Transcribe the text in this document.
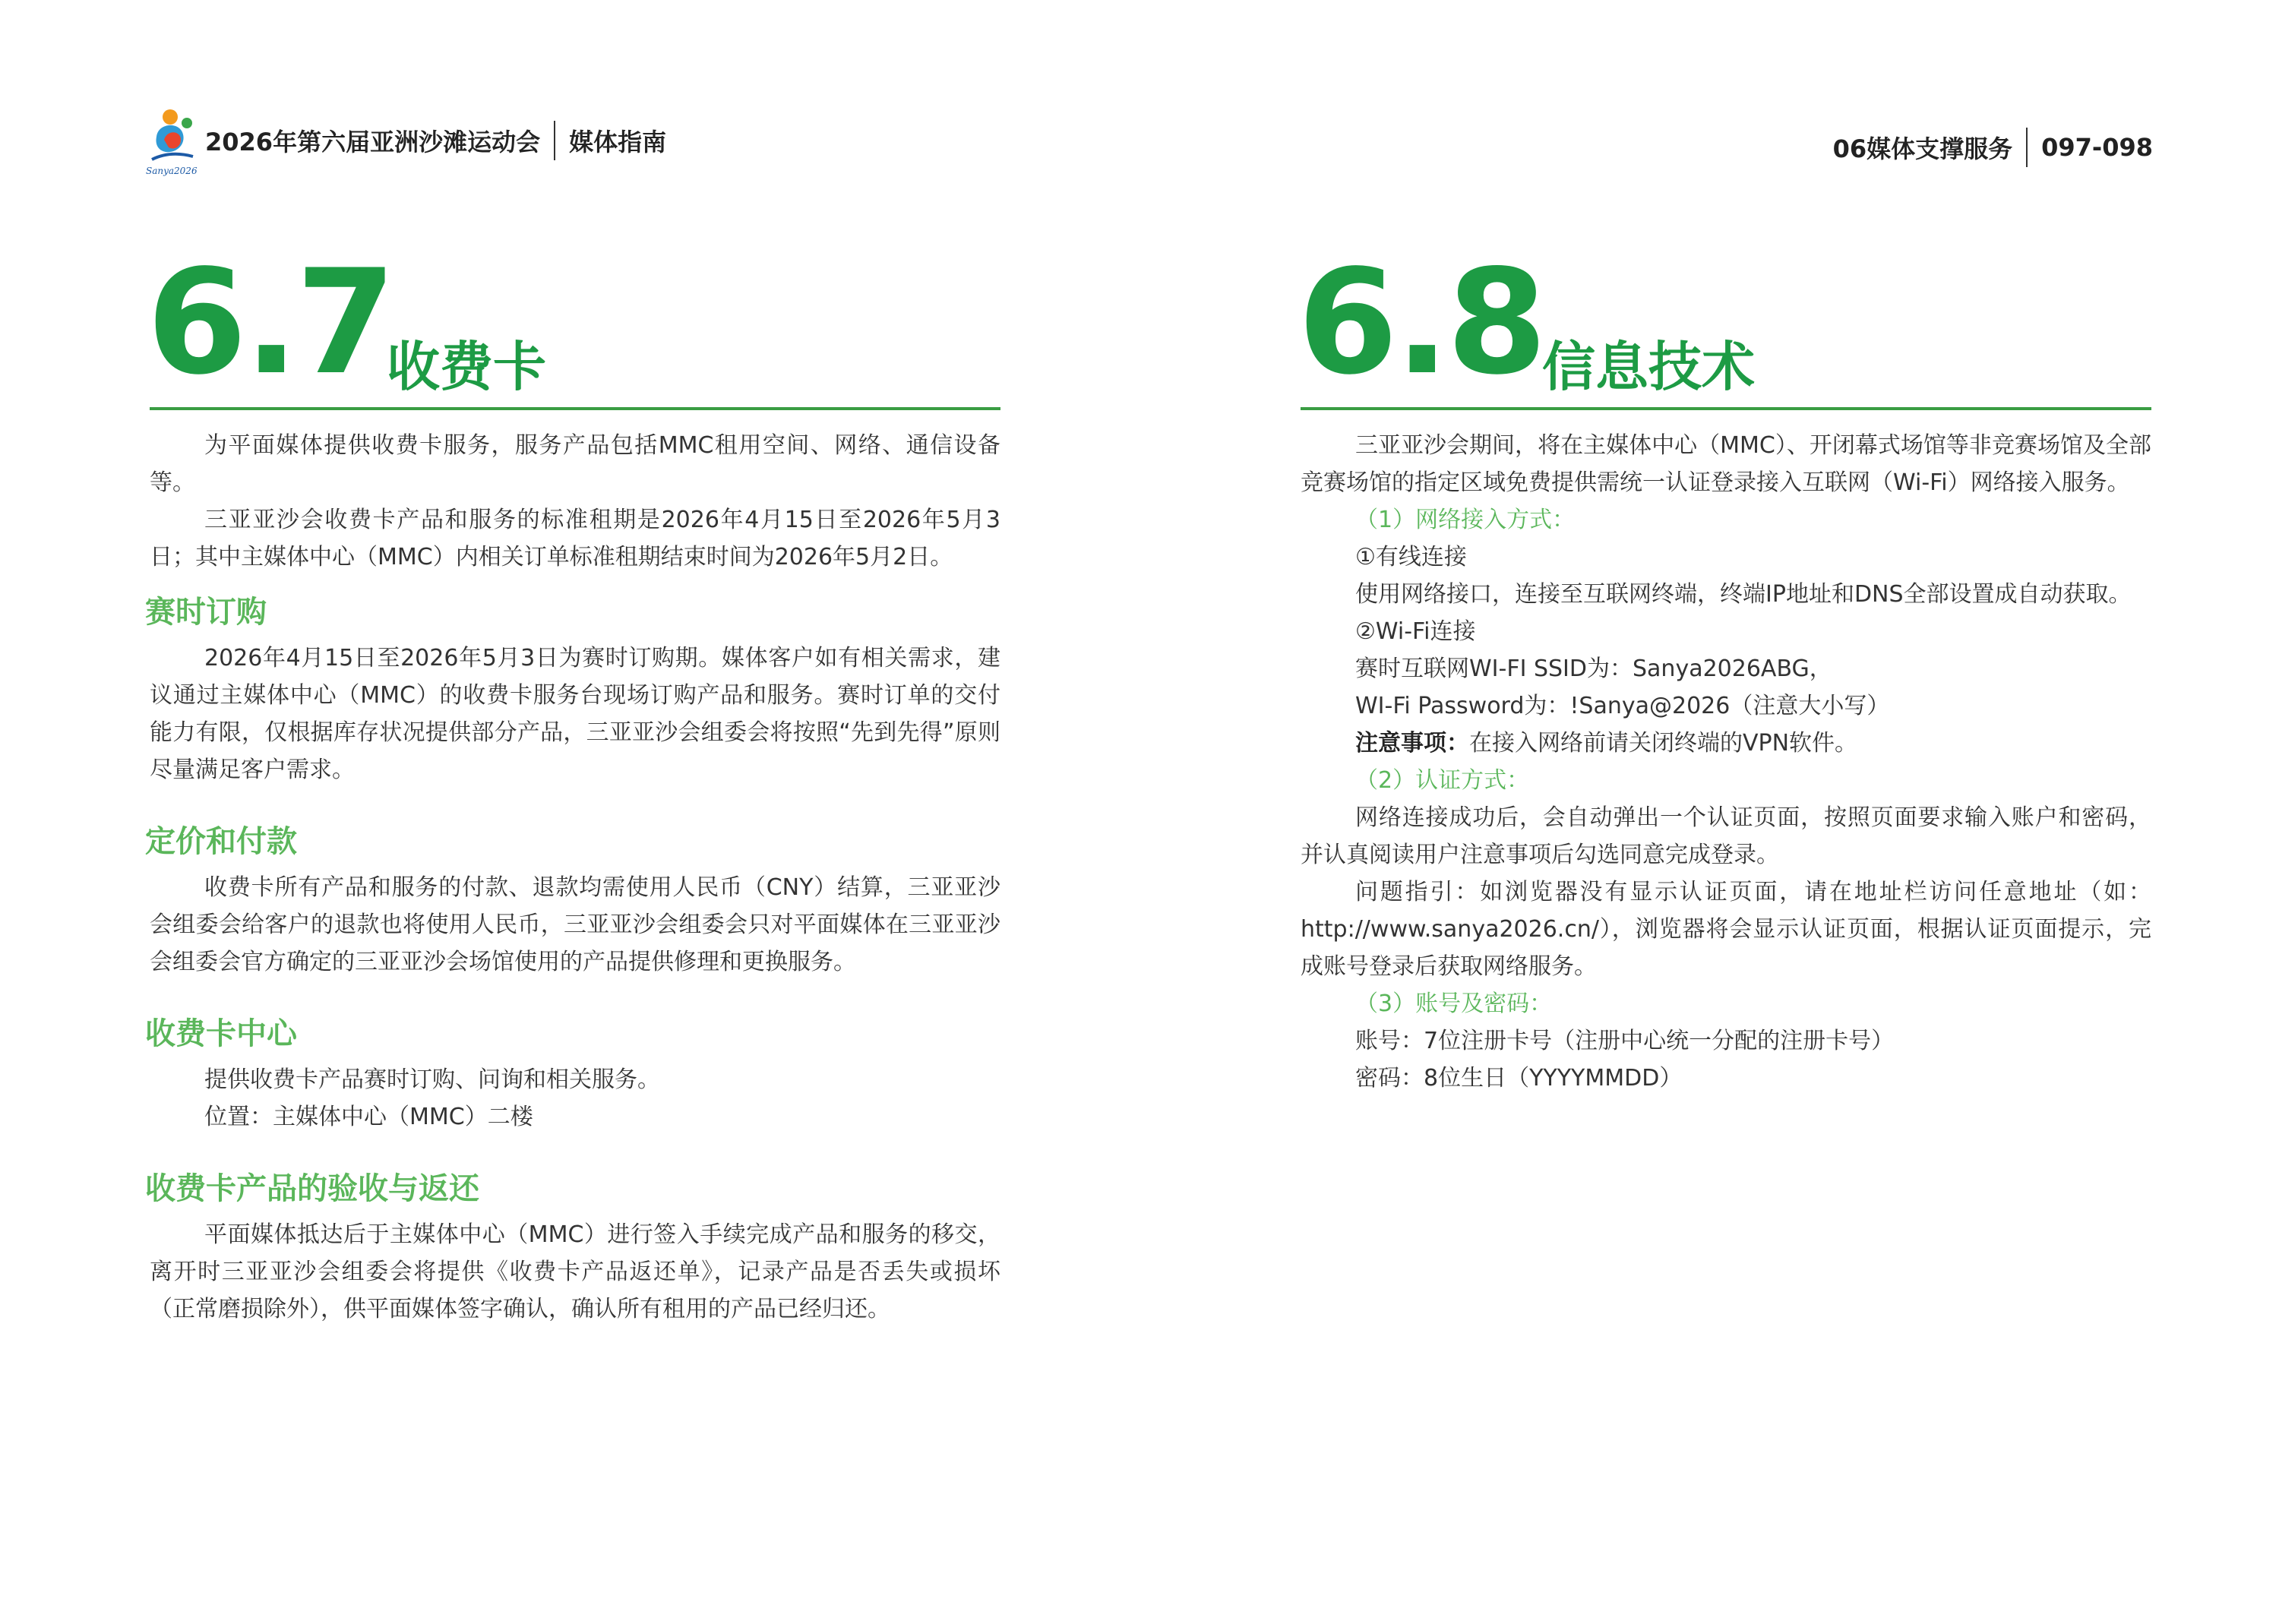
Sanya2026
2026年第六届亚洲沙滩运动会 媒体指南	06媒体支撑服务 097-098
6.7
收费卡

为平面媒体提供收费卡服务，服务产品包括MMC租用空间、网络、通信设备等。

三亚亚沙会收费卡产品和服务的标准租期是2026年4月15日至2026年5月3日；其中主媒体中心（MMC）内相关订单标准租期结束时间为2026年5月2日。

赛时订购

2026年4月15日至2026年5月3日为赛时订购期。媒体客户如有相关需求，建议通过主媒体中心（MMC）的收费卡服务台现场订购产品和服务。赛时订单的交付能力有限，仅根据库存状况提供部分产品，三亚亚沙会组委会将按照“先到先得”原则尽量满足客户需求。

定价和付款

收费卡所有产品和服务的付款、退款均需使用人民币（CNY）结算，三亚亚沙会组委会给客户的退款也将使用人民币，三亚亚沙会组委会只对平面媒体在三亚亚沙会组委会官方确定的三亚亚沙会场馆使用的产品提供修理和更换服务。

收费卡中心

提供收费卡产品赛时订购、问询和相关服务。

位置：主媒体中心（MMC）二楼

收费卡产品的验收与返还

平面媒体抵达后于主媒体中心（MMC）进行签入手续完成产品和服务的移交，离开时三亚亚沙会组委会将提供《收费卡产品返还单》，记录产品是否丢失或损坏（正常磨损除外），供平面媒体签字确认，确认所有租用的产品已经归还。

6.8
信息技术

三亚亚沙会期间，将在主媒体中心（MMC）、开闭幕式场馆等非竞赛场馆及全部竞赛场馆的指定区域免费提供需统一认证登录接入互联网（Wi-Fi）网络接入服务。

（1）网络接入方式：

①有线连接

使用网络接口，连接至互联网终端，终端IP地址和DNS全部设置成自动获取。

②Wi-Fi连接

赛时互联网WI-FI SSID为：Sanya2026ABG，

WI-Fi Password为：!Sanya@2026（注意大小写）

注意事项：在接入网络前请关闭终端的VPN软件。

（2）认证方式：

网络连接成功后，会自动弹出一个认证页面，按照页面要求输入账户和密码，并认真阅读用户注意事项后勾选同意完成登录。

问题指引：如浏览器没有显示认证页面，请在地址栏访问任意地址（如：http://www.sanya2026.cn/），浏览器将会显示认证页面，根据认证页面提示，完成账号登录后获取网络服务。

（3）账号及密码：

账号：7位注册卡号（注册中心统一分配的注册卡号）

密码：8位生日（YYYYMMDD）
